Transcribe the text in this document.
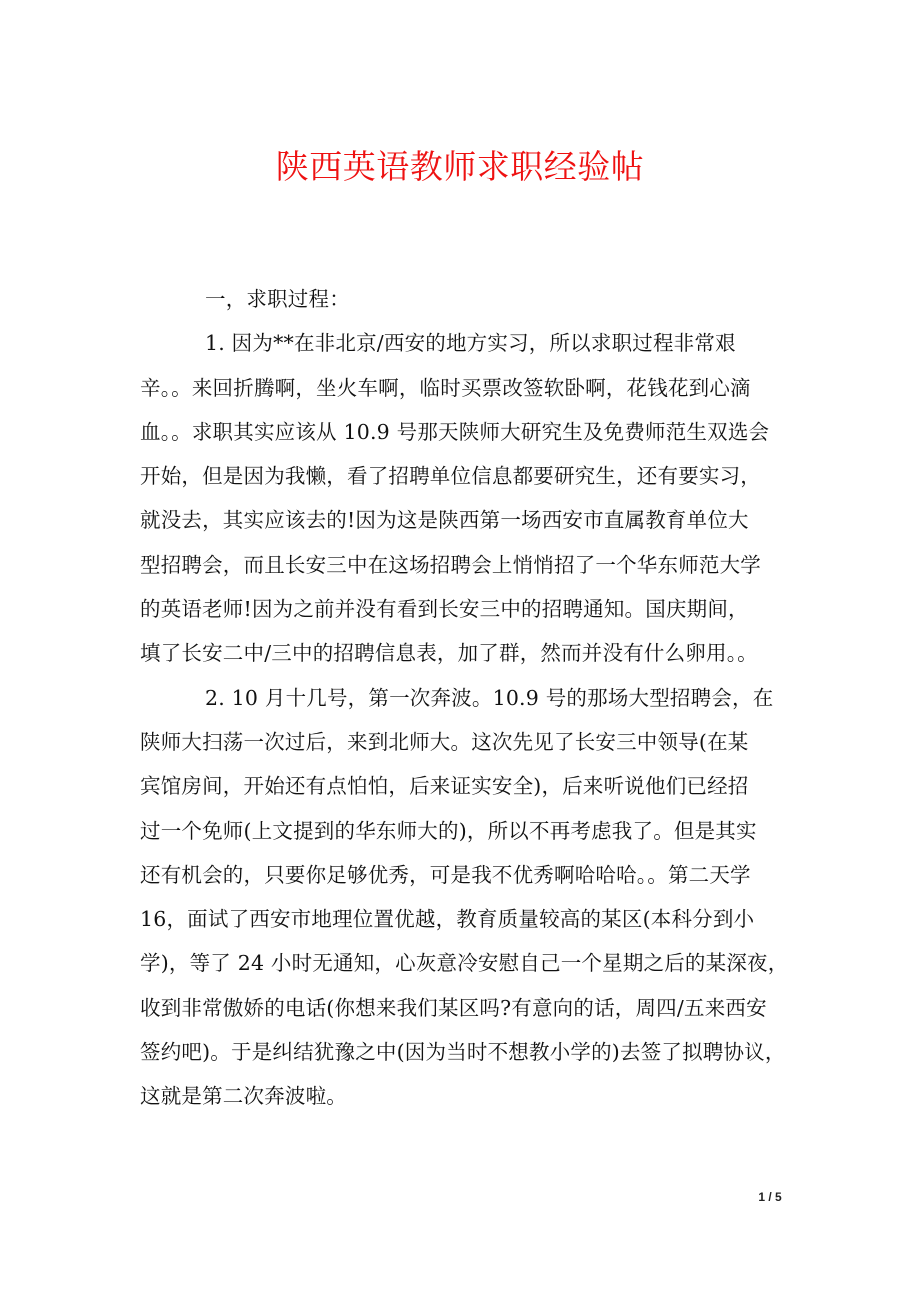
陕西英语教师求职经验帖
一，求职过程：
1. 因为**在非北京/西安的地方实习，所以求职过程非常艰
辛。。来回折腾啊，坐火车啊，临时买票改签软卧啊，花钱花到心滴
血。。求职其实应该从 10.9 号那天陕师大研究生及免费师范生双选会
开始，但是因为我懒，看了招聘单位信息都要研究生，还有要实习，
就没去，其实应该去的!因为这是陕西第一场西安市直属教育单位大
型招聘会，而且长安三中在这场招聘会上悄悄招了一个华东师范大学
的英语老师!因为之前并没有看到长安三中的招聘通知。国庆期间，
填了长安二中/三中的招聘信息表，加了群，然而并没有什么卵用。。
2. 10 月十几号，第一次奔波。10.9 号的那场大型招聘会，在
陕师大扫荡一次过后，来到北师大。这次先见了长安三中领导(在某
宾馆房间，开始还有点怕怕，后来证实安全)，后来听说他们已经招
过一个免师(上文提到的华东师大的)，所以不再考虑我了。但是其实
还有机会的，只要你足够优秀，可是我不优秀啊哈哈哈。。第二天学
16，面试了西安市地理位置优越，教育质量较高的某区(本科分到小
学)，等了 24 小时无通知，心灰意冷安慰自己一个星期之后的某深夜，
收到非常傲娇的电话(你想来我们某区吗?有意向的话，周四/五来西安
签约吧)。于是纠结犹豫之中(因为当时不想教小学的)去签了拟聘协议，
这就是第二次奔波啦。
1 / 5
